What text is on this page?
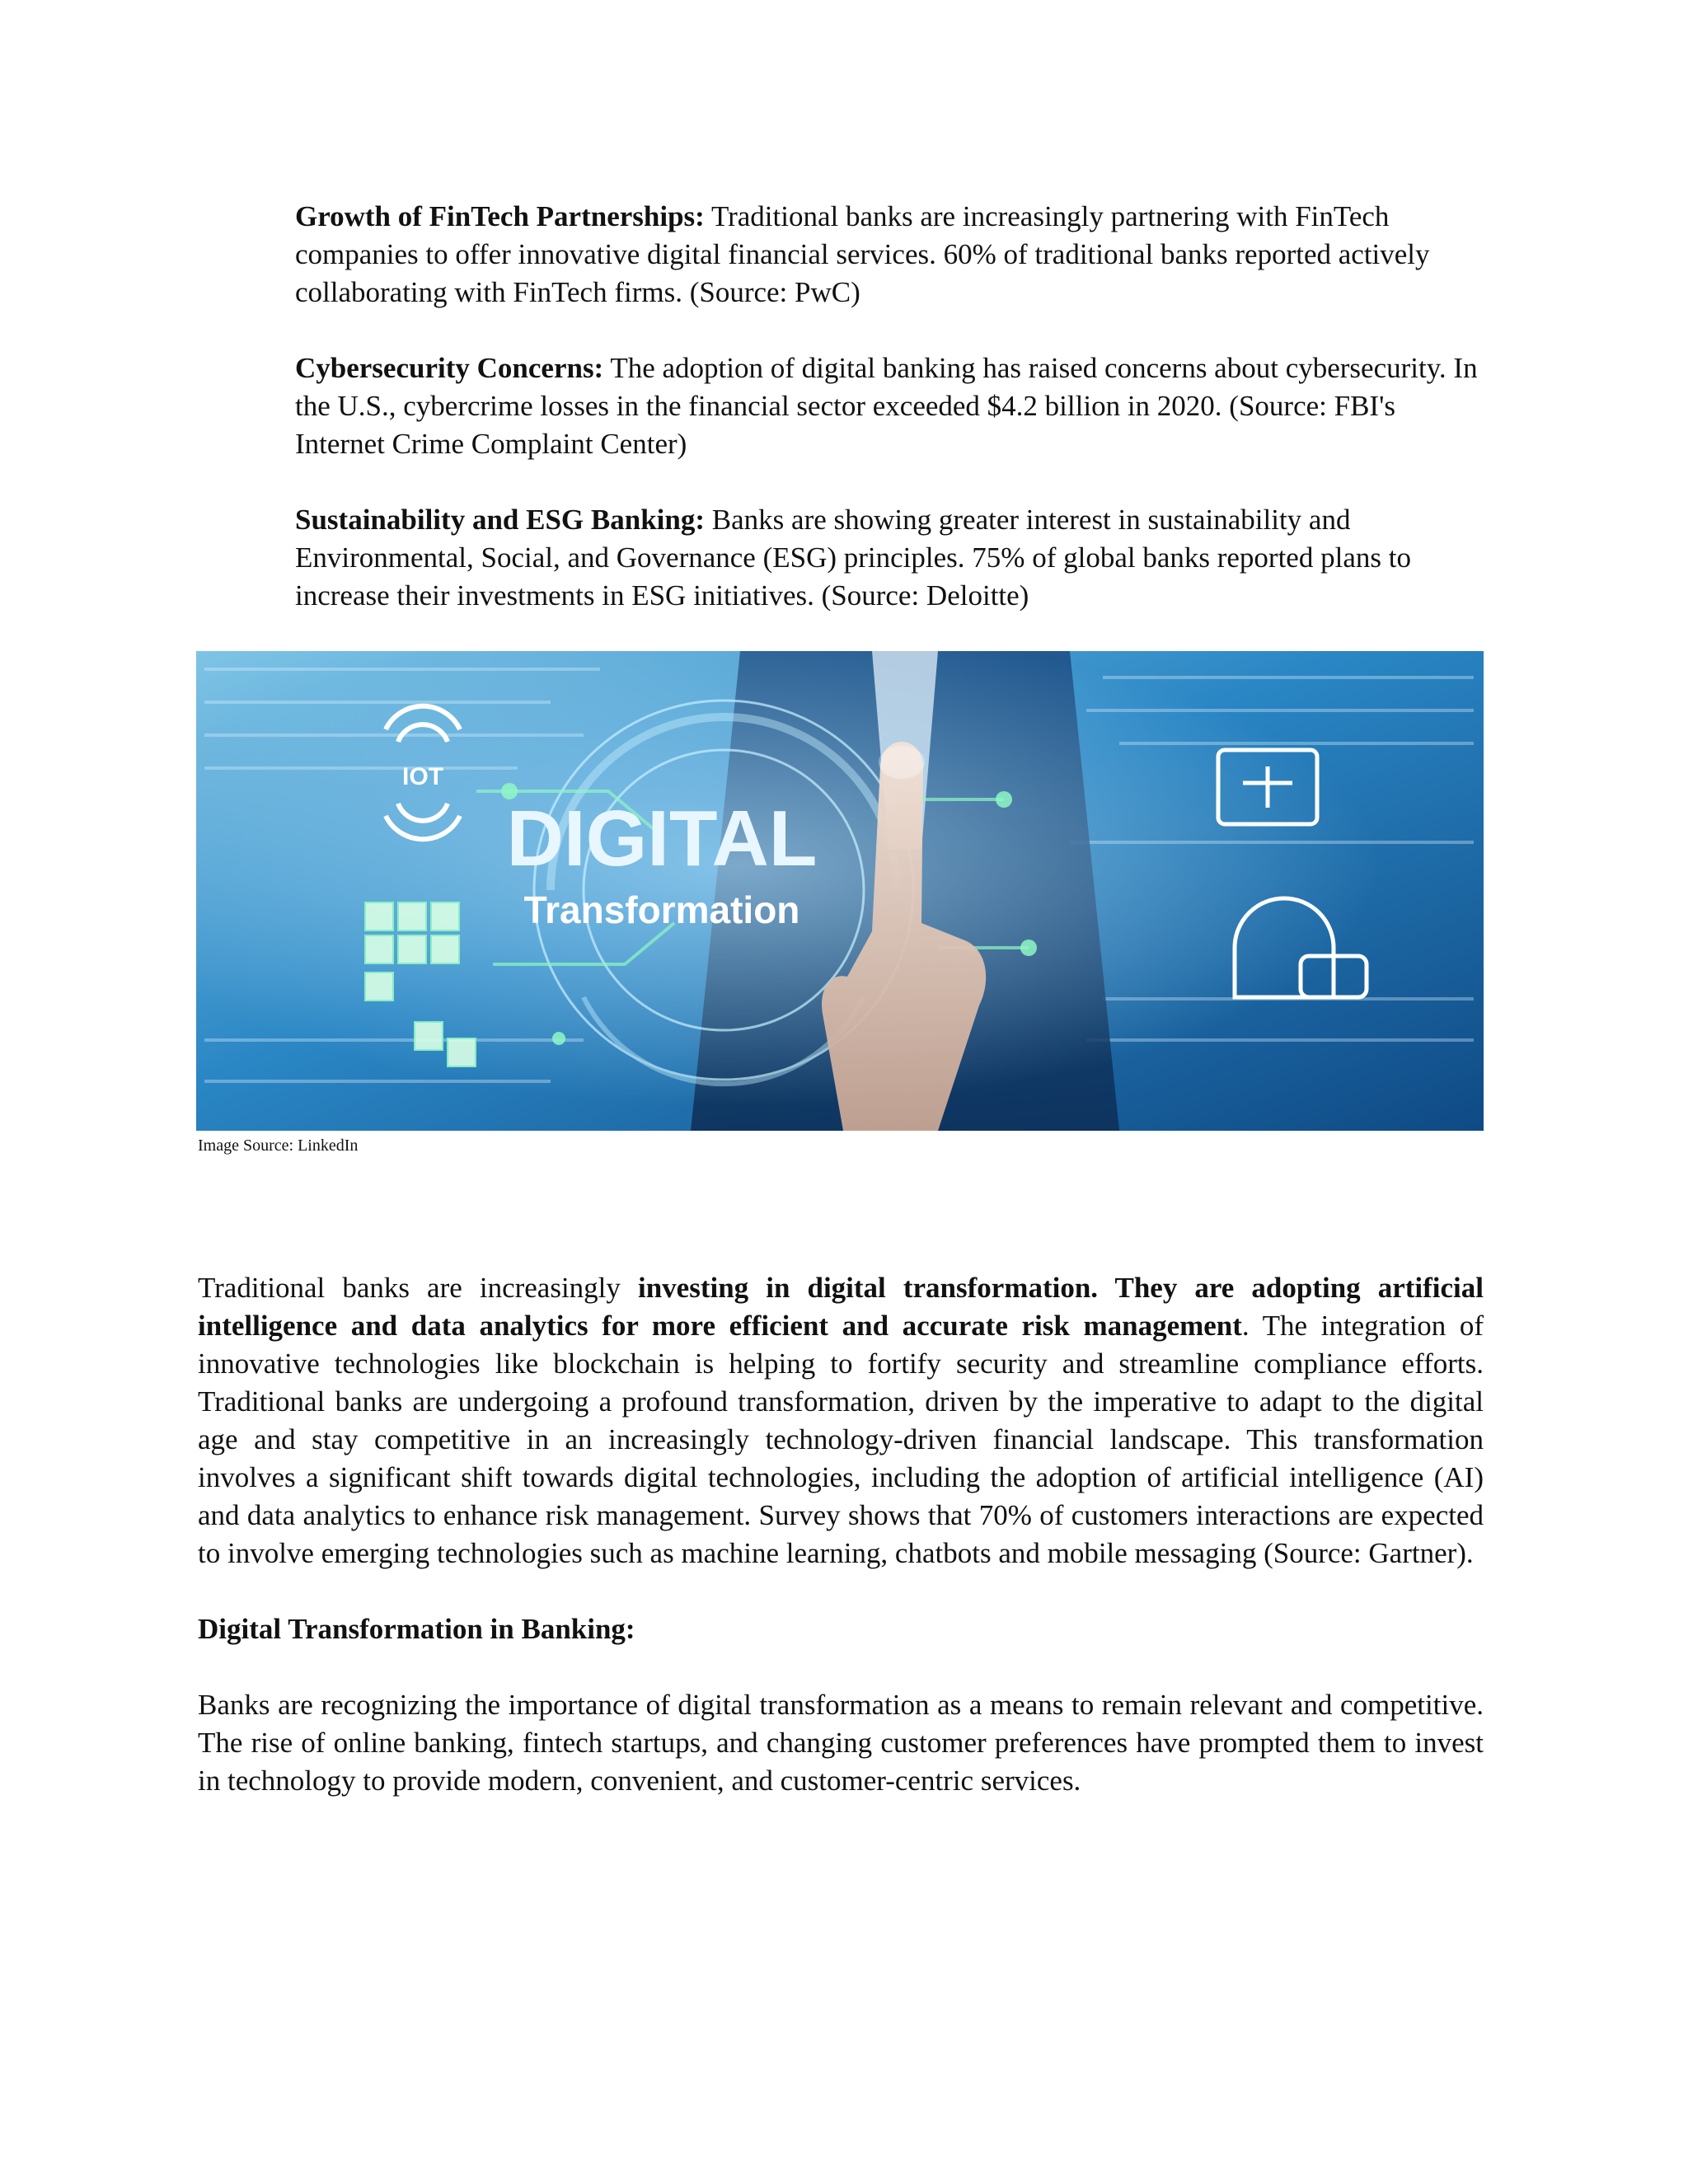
Growth of FinTech Partnerships: Traditional banks are increasingly partnering with FinTech companies to offer innovative digital financial services. 60% of traditional banks reported actively collaborating with FinTech firms. (Source: PwC)

Cybersecurity Concerns: The adoption of digital banking has raised concerns about cybersecurity. In the U.S., cybercrime losses in the financial sector exceeded $4.2 billion in 2020. (Source: FBI's Internet Crime Complaint Center)

Sustainability and ESG Banking: Banks are showing greater interest in sustainability and Environmental, Social, and Governance (ESG) principles. 75% of global banks reported plans to increase their investments in ESG initiatives. (Source: Deloitte)

IOT
DIGITAL
Transformation
Image Source: LinkedIn

Traditional banks are increasingly investing in digital transformation. They are adopting artificial intelligence and data analytics for more efficient and accurate risk management. The integration of innovative technologies like blockchain is helping to fortify security and streamline compliance efforts. Traditional banks are undergoing a profound transformation, driven by the imperative to adapt to the digital age and stay competitive in an increasingly technology-driven financial landscape. This transformation involves a significant shift towards digital technologies, including the adoption of artificial intelligence (AI) and data analytics to enhance risk management. Survey shows that 70% of customers interactions are expected to involve emerging technologies such as machine learning, chatbots and mobile messaging (Source: Gartner).

Digital Transformation in Banking:

Banks are recognizing the importance of digital transformation as a means to remain relevant and competitive. The rise of online banking, fintech startups, and changing customer preferences have prompted them to invest in technology to provide modern, convenient, and customer-centric services.
